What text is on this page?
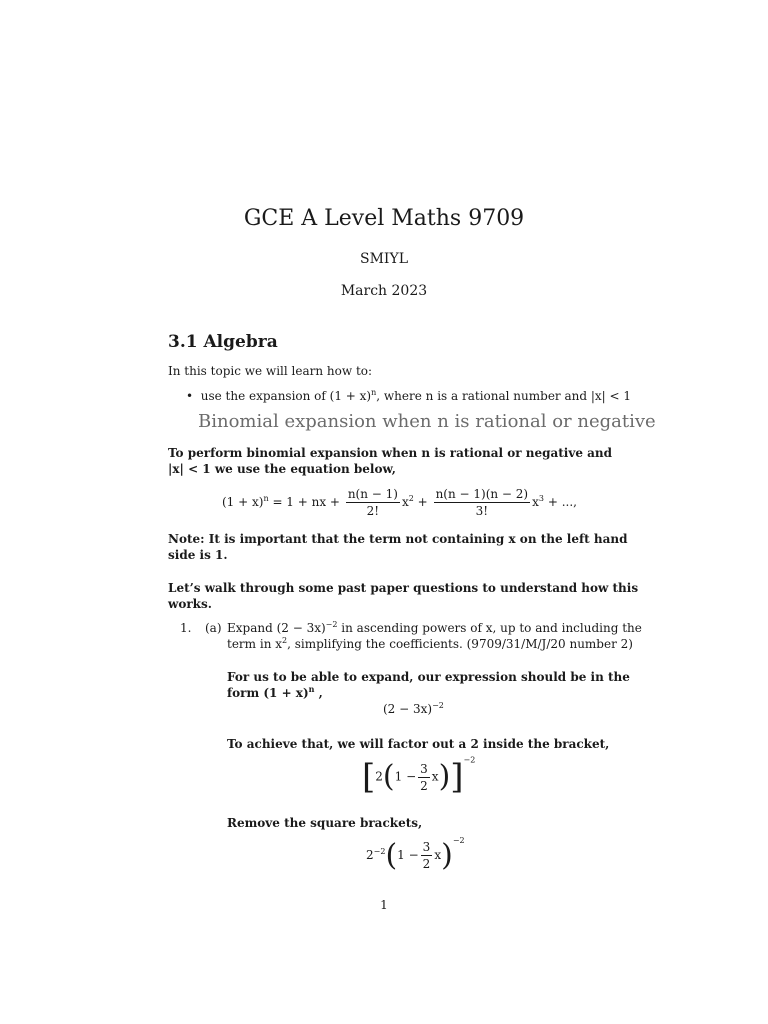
GCE A Level Maths 9709
SMIYL
March 2023
3.1 Algebra
In this topic we will learn how to:
• use the expansion of $(1 + x)^n$, where n is a rational number and |x| < 1
Binomial expansion when n is rational or negative
To perform binomial expansion when n is rational or negative and
|x| < 1 we use the equation below,
$(1 + x)^n = 1$ + nx + $\frac{n(n - 1)}{2!} x^2 + \frac{n(n - 1)(n - 2)}{3!} x^3$ + ...,
Note: It is important that the term not containing x on the left hand
side is 1.
Let’s walk through some past paper questions to understand how this
works.
1. (a) Expand $(2 - 3x)^{-2}$ in ascending powers of x, up to and including the
term in $x^2$, simplifying the coefficients. (9709/31/M/J/20 number 2)
For us to be able to expand, our expression should be in the
form $(1 + x)^n$ ,
$(2 - 3x)^{-2}$
To achieve that, we will factor out a 2 inside the bracket,
$[2(1 - \frac{3}{2} x)]^{-2}$
Remove the square brackets,
$2^{-2}(1 - \frac{3}{2} x)^{-2}$
1
